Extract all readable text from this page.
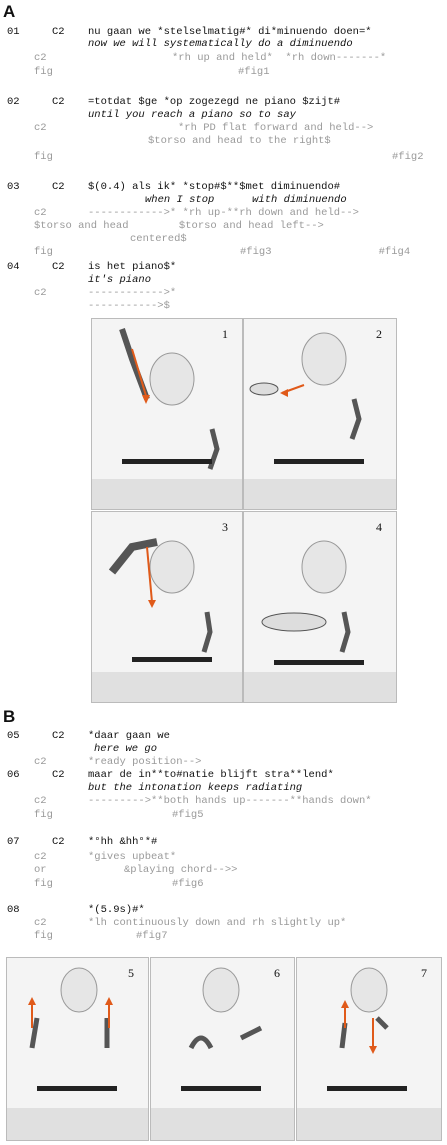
A
01	C2 nu gaan we *stelselmatig#* di*minuendo doen=*
now we will systematically do a diminuendo
c2	*rh up and held*  *rh down-------*
fig	#fig1
02	C2 =totdat $ge *op zogezegd ne piano $zijt#
until you reach a piano so to say
c2	*rh PD flat forward and held-->
$torso and head to the right$
fig	#fig2
03	C2 $(0.4) als ik* *stop#$**$met diminuendo#
when I stop      with diminuendo
c2	------------>* *rh up-**rh down and held-->
$torso and head        $torso and head left-->
centered$
fig	#fig3                 #fig4
04	C2 is het piano$*
it's piano
c2	------------>*
----------->$
1	2
3	4
B
05	C2 *daar gaan we
here we go
c2	*ready position-->
06	C2 maar de in**to#natie blijft stra**lend*
but the intonation keeps radiating
c2	--------->**both hands up-------**hands down*
fig	#fig5
07	C2 *°hh &hh°*#
c2	*gives upbeat*
or	&playing chord-->>
fig	#fig6
08	*(5.9s)#*
c2	*lh continuously down and rh slightly up*
fig	#fig7
5	6	7
